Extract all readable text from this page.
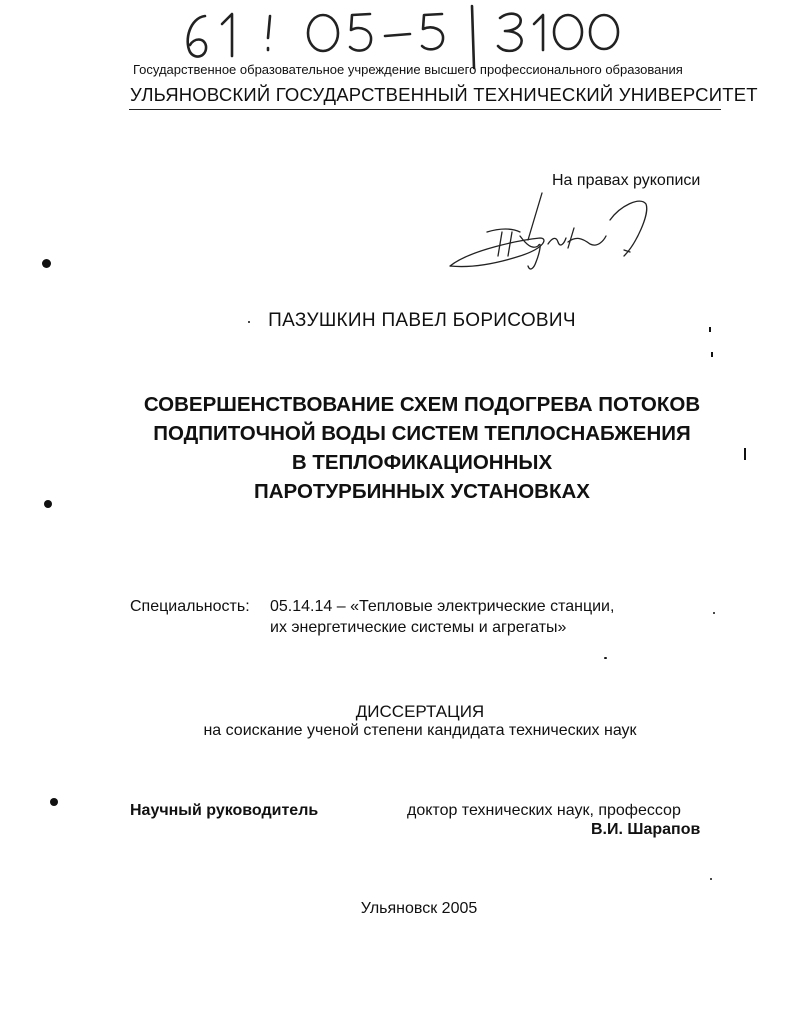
Государственное образовательное учреждение высшего профессионального образования
УЛЬЯНОВСКИЙ ГОСУДАРСТВЕННЫЙ ТЕХНИЧЕСКИЙ УНИВЕРСИТЕТ
На правах рукописи
ПАЗУШКИН ПАВЕЛ БОРИСОВИЧ
СОВЕРШЕНСТВОВАНИЕ СХЕМ ПОДОГРЕВА ПОТОКОВ
ПОДПИТОЧНОЙ ВОДЫ СИСТЕМ ТЕПЛОСНАБЖЕНИЯ
В ТЕПЛОФИКАЦИОННЫХ
ПАРОТУРБИННЫХ УСТАНОВКАХ
Специальность: 05.14.14 – «Тепловые электрические станции,
их энергетические системы и агрегаты»
ДИССЕРТАЦИЯ
на соискание ученой степени кандидата технических наук
Научный руководитель	доктор технических наук, профессор
В.И. Шарапов
Ульяновск 2005
